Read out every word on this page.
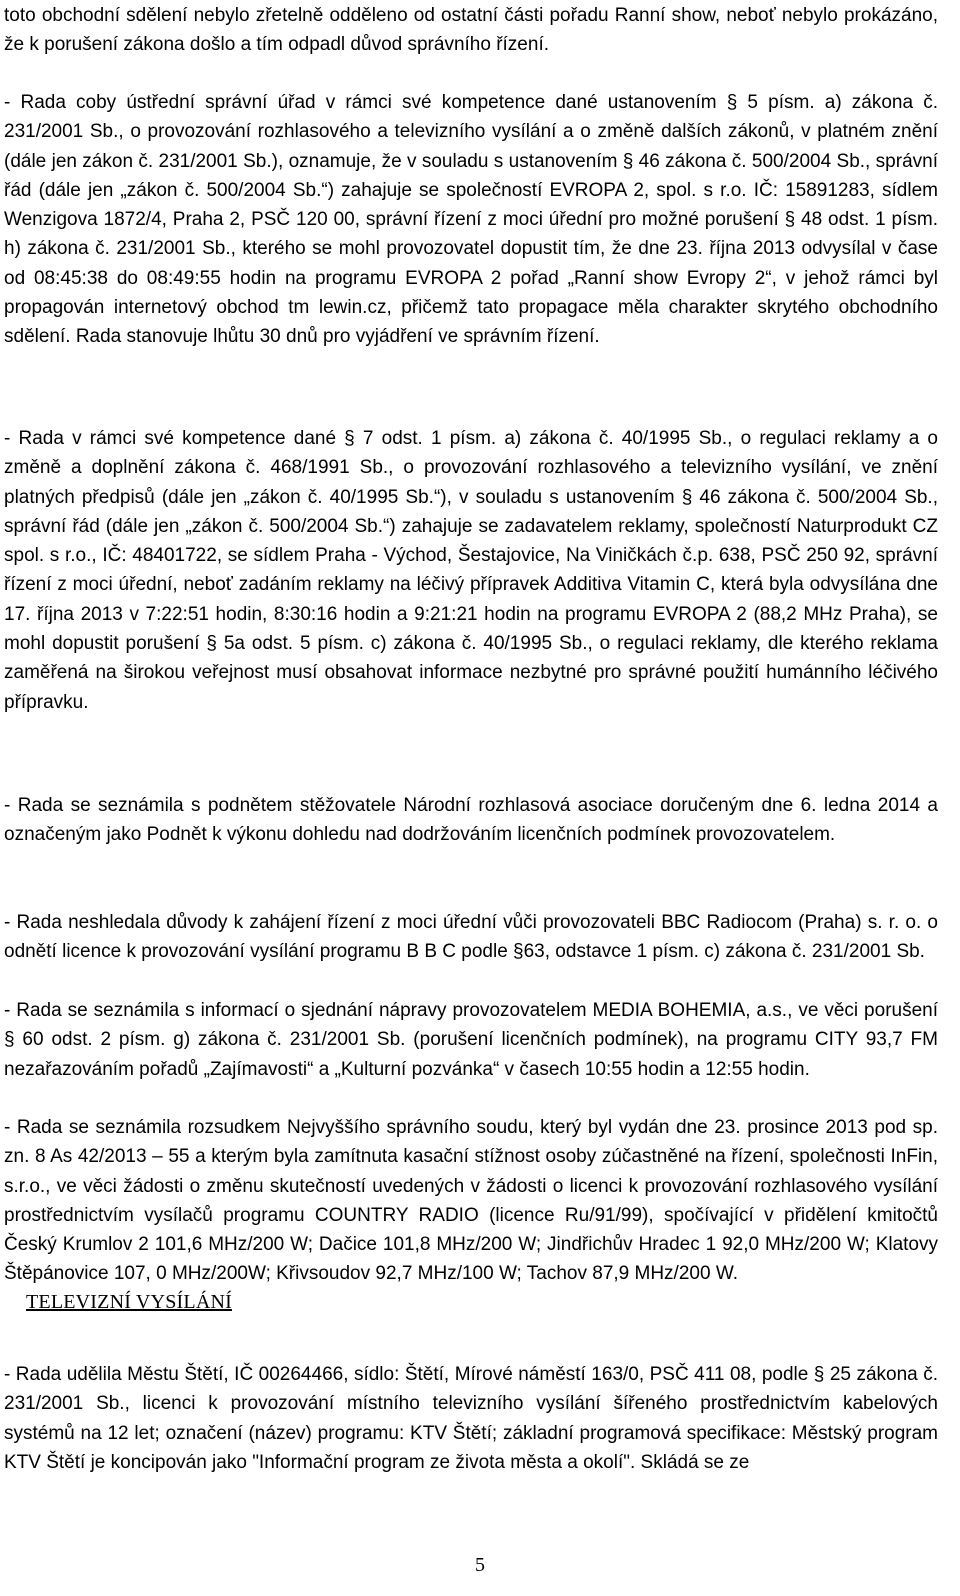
toto obchodní sdělení nebylo zřetelně odděleno od ostatní části pořadu Ranní show, neboť nebylo prokázáno, že k porušení zákona došlo a tím odpadl důvod správního řízení.

- Rada coby ústřední správní úřad v rámci své kompetence dané ustanovením § 5 písm. a) zákona č. 231/2001 Sb., o provozování rozhlasového a televizního vysílání a o změně dalších zákonů, v platném znění (dále jen zákon č. 231/2001 Sb.), oznamuje, že v souladu s ustanovením § 46 zákona č. 500/2004 Sb., správní řád (dále jen „zákon č. 500/2004 Sb.“) zahajuje se společností EVROPA 2, spol. s r.o. IČ: 15891283, sídlem Wenzigova 1872/4, Praha 2, PSČ 120 00, správní řízení z moci úřední pro možné porušení § 48 odst. 1 písm. h) zákona č. 231/2001 Sb., kterého se mohl provozovatel dopustit tím, že dne 23. října 2013 odvysílal v čase od 08:45:38 do 08:49:55 hodin na programu EVROPA 2 pořad „Ranní show Evropy 2“, v jehož rámci byl propagován internetový obchod tm lewin.cz, přičemž tato propagace měla charakter skrytého obchodního sdělení. Rada stanovuje lhůtu 30 dnů pro vyjádření ve správním řízení.

- Rada v rámci své kompetence dané § 7 odst. 1 písm. a) zákona č. 40/1995 Sb., o regulaci reklamy a o změně a doplnění zákona č. 468/1991 Sb., o provozování rozhlasového a televizního vysílání, ve znění platných předpisů (dále jen „zákon č. 40/1995 Sb.“), v souladu s ustanovením § 46 zákona č. 500/2004 Sb., správní řád (dále jen „zákon č. 500/2004 Sb.“) zahajuje se zadavatelem reklamy, společností Naturprodukt CZ spol. s r.o., IČ: 48401722, se sídlem Praha - Východ, Šestajovice, Na Viničkách č.p. 638, PSČ 250 92, správní řízení z moci úřední, neboť zadáním reklamy na léčivý přípravek Additiva Vitamin C, která byla odvysílána dne 17. října 2013 v 7:22:51 hodin, 8:30:16 hodin a 9:21:21 hodin na programu EVROPA 2 (88,2 MHz Praha), se mohl dopustit porušení § 5a odst. 5 písm. c) zákona č. 40/1995 Sb., o regulaci reklamy, dle kterého reklama zaměřená na širokou veřejnost musí obsahovat informace nezbytné pro správné použití humánního léčivého přípravku.

- Rada se seznámila s podnětem stěžovatele Národní rozhlasová asociace doručeným dne 6. ledna 2014 a označeným jako Podnět k výkonu dohledu nad dodržováním licenčních podmínek provozovatelem.

- Rada neshledala důvody k zahájení řízení z moci úřední vůči provozovateli BBC Radiocom (Praha) s. r. o. o odnětí licence k provozování vysílání programu B B C podle §63, odstavce 1 písm. c) zákona č. 231/2001 Sb.

- Rada se seznámila s informací o sjednání nápravy provozovatelem MEDIA BOHEMIA, a.s., ve věci porušení § 60 odst. 2 písm. g) zákona č. 231/2001 Sb. (porušení licenčních podmínek), na programu CITY 93,7 FM nezařazováním pořadů „Zajímavosti“ a „Kulturní pozvánka“ v časech 10:55 hodin a 12:55 hodin.

- Rada se seznámila rozsudkem Nejvyššího správního soudu, který byl vydán dne 23. prosince 2013 pod sp. zn. 8 As 42/2013 – 55 a kterým byla zamítnuta kasační stížnost osoby zúčastněné na řízení, společnosti InFin, s.r.o., ve věci žádosti o změnu skutečností uvedených v žádosti o licenci k provozování rozhlasového vysílání prostřednictvím vysílačů programu COUNTRY RADIO (licence Ru/91/99), spočívající v přidělení kmitočtů Český Krumlov 2 101,6 MHz/200 W; Dačice 101,8 MHz/200 W; Jindřichův Hradec 1 92,0 MHz/200 W; Klatovy Štěpánovice 107, 0 MHz/200W; Křivsoudov 92,7 MHz/100 W; Tachov 87,9 MHz/200 W.

TELEVIZNÍ VYSÍLÁNÍ

- Rada udělila Městu Štětí, IČ 00264466, sídlo: Štětí, Mírové náměstí 163/0, PSČ 411 08, podle § 25 zákona č. 231/2001 Sb., licenci k provozování místního televizního vysílání šířeného prostřednictvím kabelových systémů na 12 let; označení (název) programu: KTV Štětí; základní programová specifikace: Městský program KTV Štětí je koncipován jako "Informační program ze života města a okolí". Skládá se ze

5
